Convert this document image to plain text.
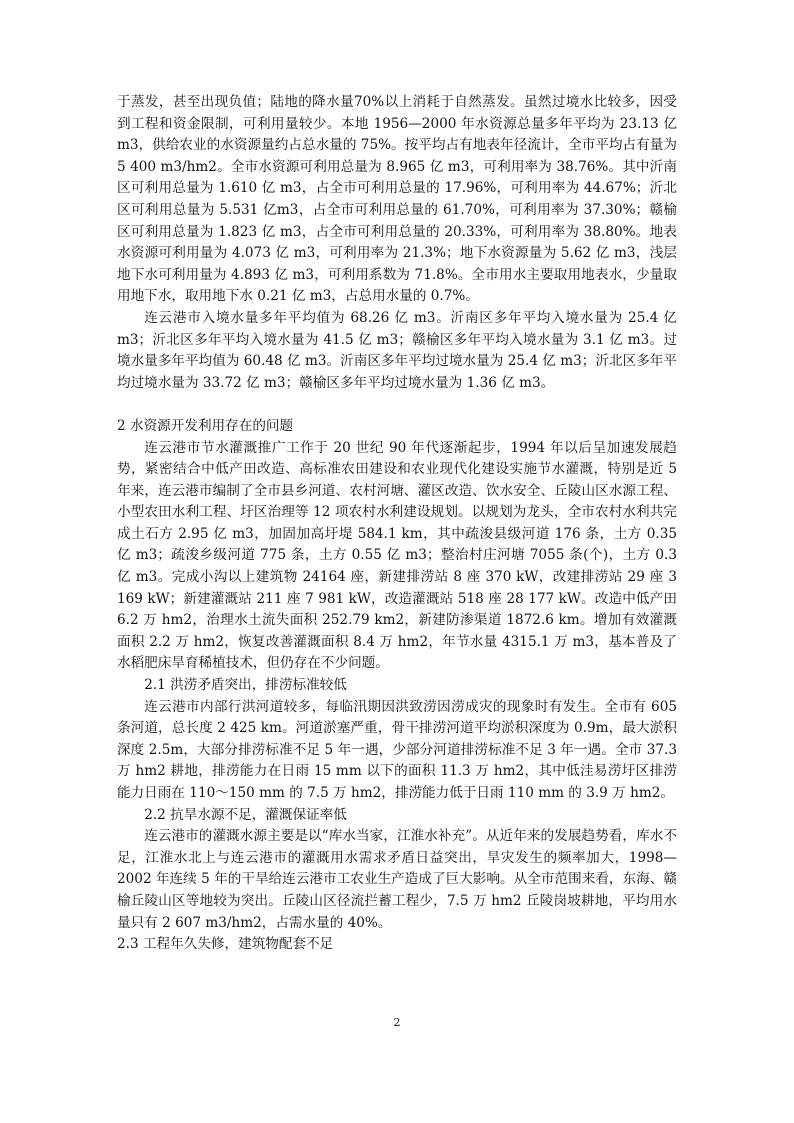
于蒸发，甚至出现负值；陆地的降水量70%以上消耗于自然蒸发。虽然过境水比较多，因受到工程和资金限制，可利用量较少。本地 1956—2000 年水资源总量多年平均为 23.13 亿 m3，供给农业的水资源量约占总水量的 75%。按平均占有地表年径流计，全市平均占有量为 5 400 m3/hm2。全市水资源可利用总量为 8.965 亿 m3，可利用率为 38.76%。其中沂南区可利用总量为 1.610 亿 m3，占全市可利用总量的 17.96%，可利用率为 44.67%；沂北区可利用总量为 5.531 亿m3，占全市可利用总量的 61.70%，可利用率为 37.30%；赣榆区可利用总量为 1.823 亿 m3，占全市可利用总量的 20.33%，可利用率为 38.80%。地表水资源可利用量为 4.073 亿 m3，可利用率为 21.3%；地下水资源量为 5.62 亿 m3，浅层地下水可利用量为 4.893 亿 m3，可利用系数为 71.8%。全市用水主要取用地表水，少量取用地下水，取用地下水 0.21 亿 m3，占总用水量的 0.7%。

连云港市入境水量多年平均值为 68.26 亿 m3。沂南区多年平均入境水量为 25.4 亿 m3；沂北区多年平均入境水量为 41.5 亿 m3；赣榆区多年平均入境水量为 3.1 亿 m3。过境水量多年平均值为 60.48 亿 m3。沂南区多年平均过境水量为 25.4 亿 m3；沂北区多年平均过境水量为 33.72 亿 m3；赣榆区多年平均过境水量为 1.36 亿 m3。

2 水资源开发利用存在的问题

连云港市节水灌溉推广工作于 20 世纪 90 年代逐渐起步，1994 年以后呈加速发展趋势，紧密结合中低产田改造、高标准农田建设和农业现代化建设实施节水灌溉，特别是近 5 年来，连云港市编制了全市县乡河道、农村河塘、灌区改造、饮水安全、丘陵山区水源工程、小型农田水利工程、圩区治理等 12 项农村水利建设规划。以规划为龙头，全市农村水利共完成土石方 2.95 亿 m3，加固加高圩堤 584.1 km，其中疏浚县级河道 176 条，土方 0.35 亿 m3；疏浚乡级河道 775 条，土方 0.55 亿 m3；整治村庄河塘 7055 条(个)，土方 0.3 亿 m3。完成小沟以上建筑物 24164 座，新建排涝站 8 座 370 kW，改建排涝站 29 座 3 169 kW；新建灌溉站 211 座 7 981 kW，改造灌溉站 518 座 28 177 kW。改造中低产田 6.2 万 hm2，治理水土流失面积 252.79 km2，新建防渗渠道 1872.6 km。增加有效灌溉面积 2.2 万 hm2，恢复改善灌溉面积 8.4 万 hm2，年节水量 4315.1 万 m3，基本普及了水稻肥床旱育稀植技术，但仍存在不少问题。

2.1 洪涝矛盾突出，排涝标准较低

连云港市内部行洪河道较多，每临汛期因洪致涝因涝成灾的现象时有发生。全市有 605 条河道，总长度 2 425 km。河道淤塞严重，骨干排涝河道平均淤积深度为 0.9m，最大淤积深度 2.5m，大部分排涝标准不足 5 年一遇，少部分河道排涝标准不足 3 年一遇。全市 37.3 万 hm2 耕地，排涝能力在日雨 15 mm 以下的面积 11.3 万 hm2，其中低洼易涝圩区排涝能力日雨在 110～150 mm 的 7.5 万 hm2，排涝能力低于日雨 110 mm 的 3.9 万 hm2。

2.2 抗旱水源不足，灌溉保证率低

连云港市的灌溉水源主要是以“库水当家，江淮水补充”。从近年来的发展趋势看，库水不足，江淮水北上与连云港市的灌溉用水需求矛盾日益突出，旱灾发生的频率加大，1998—2002 年连续 5 年的干旱给连云港市工农业生产造成了巨大影响。从全市范围来看，东海、赣榆丘陵山区等地较为突出。丘陵山区径流拦蓄工程少，7.5 万 hm2 丘陵岗坡耕地，平均用水量只有 2 607 m3/hm2，占需水量的 40%。

2.3 工程年久失修，建筑物配套不足

2
